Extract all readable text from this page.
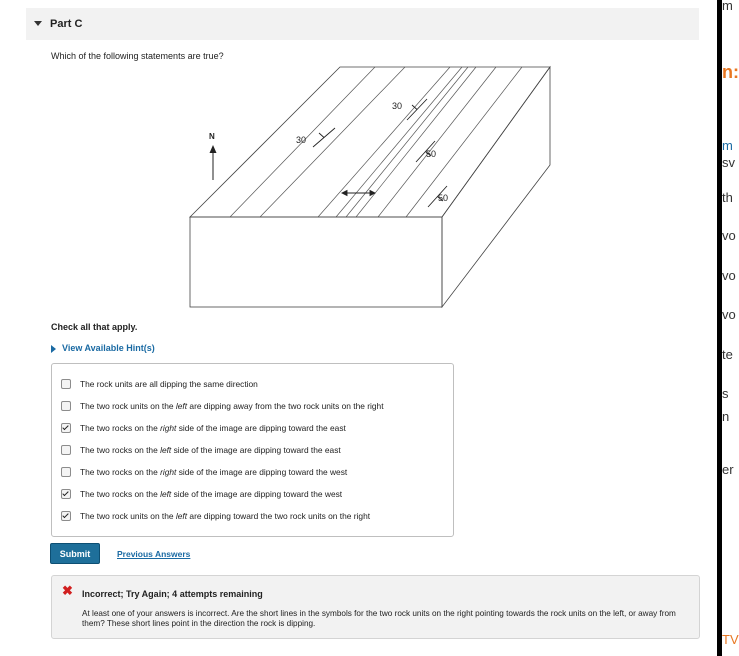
Part C
Which of the following statements are true?
N
30
30
50
50
Check all that apply.
View Available Hint(s)
The rock units are all dipping the same direction
The two rock units on the left are dipping away from the two rock units on the right
The two rocks on the right side of the image are dipping toward the east
The two rocks on the left side of the image are dipping toward the east
The two rocks on the right side of the image are dipping toward the west
The two rocks on the left side of the image are dipping toward the west
The two rock units on the left are dipping toward the two rock units on the right
Submit	Previous Answers
✖ Incorrect; Try Again; 4 attempts remaining
At least one of your answers is incorrect. Are the short lines in the symbols for the two rock units on the right pointing towards the rock units on the left, or away from them? These short lines point in the direction the rock is dipping.
m
n:
m
sv
th
vo
vo
vo
te
s
n
er
TV
